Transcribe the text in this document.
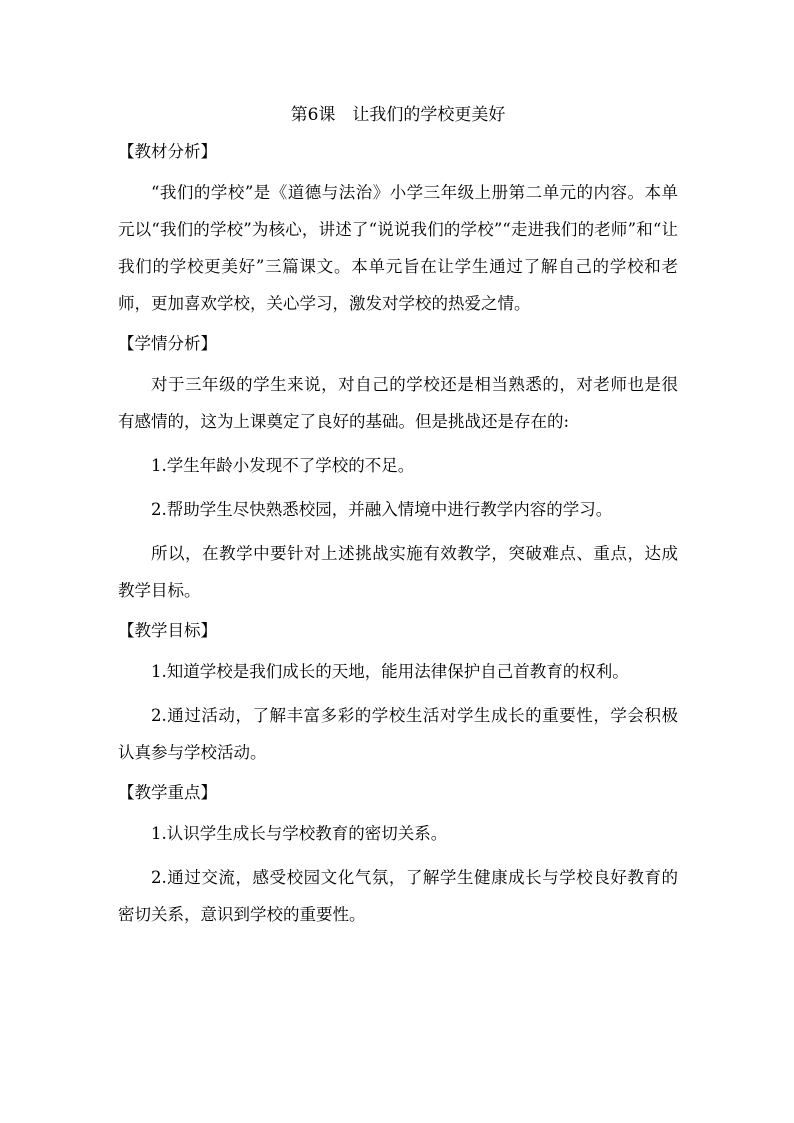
第6课　让我们的学校更美好
【教材分析】

“我们的学校”是《道德与法治》小学三年级上册第二单元的内容。本单元以“我们的学校”为核心，讲述了“说说我们的学校”“走进我们的老师”和“让我们的学校更美好”三篇课文。本单元旨在让学生通过了解自己的学校和老师，更加喜欢学校，关心学习，激发对学校的热爱之情。

【学情分析】

对于三年级的学生来说，对自己的学校还是相当熟悉的，对老师也是很有感情的，这为上课奠定了良好的基础。但是挑战还是存在的:

1.学生年龄小发现不了学校的不足。

2.帮助学生尽快熟悉校园，并融入情境中进行教学内容的学习。

所以，在教学中要针对上述挑战实施有效教学，突破难点、重点，达成教学目标。

【教学目标】

1.知道学校是我们成长的天地，能用法律保护自己首教育的权利。

2.通过活动，了解丰富多彩的学校生活对学生成长的重要性，学会积极认真参与学校活动。

【教学重点】

1.认识学生成长与学校教育的密切关系。

2.通过交流，感受校园文化气氛，了解学生健康成长与学校良好教育的密切关系，意识到学校的重要性。
